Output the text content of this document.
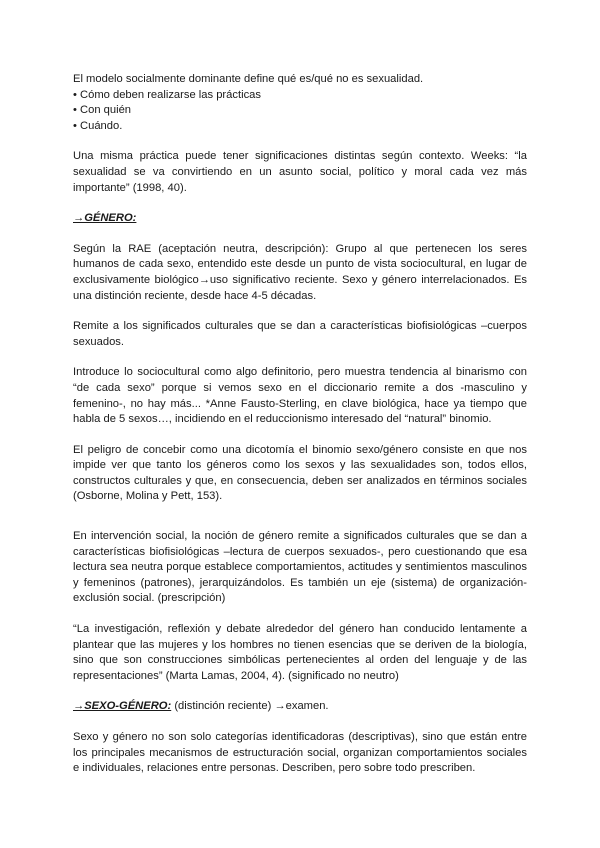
El modelo socialmente dominante define qué es/qué no es sexualidad.

• Cómo deben realizarse las prácticas

• Con quién

• Cuándo.

Una misma práctica puede tener significaciones distintas según contexto. Weeks: “la sexualidad se va convirtiendo en un asunto social, político y moral cada vez más importante” (1998, 40).

→GÉNERO:

Según la RAE (aceptación neutra, descripción): Grupo al que pertenecen los seres humanos de cada sexo, entendido este desde un punto de vista sociocultural, en lugar de exclusivamente biológico→uso significativo reciente. Sexo y género interrelacionados. Es una distinción reciente, desde hace 4-5 décadas.

Remite a los significados culturales que se dan a características biofisiológicas –cuerpos sexuados.

Introduce lo sociocultural como algo definitorio, pero muestra tendencia al binarismo con “de cada sexo” porque si vemos sexo en el diccionario remite a dos -masculino y femenino-, no hay más... *Anne Fausto-Sterling, en clave biológica, hace ya tiempo que habla de 5 sexos…, incidiendo en el reduccionismo interesado del “natural” binomio.

El peligro de concebir como una dicotomía el binomio sexo/género consiste en que nos impide ver que tanto los géneros como los sexos y las sexualidades son, todos ellos, constructos culturales y que, en consecuencia, deben ser analizados en términos sociales (Osborne, Molina y Pett, 153).

En intervención social, la noción de género remite a significados culturales que se dan a características biofisiológicas –lectura de cuerpos sexuados-, pero cuestionando que esa lectura sea neutra porque establece comportamientos, actitudes y sentimientos masculinos y femeninos (patrones), jerarquizándolos. Es también un eje (sistema) de organización-exclusión social. (prescripción)

“La investigación, reflexión y debate alrededor del género han conducido lentamente a plantear que las mujeres y los hombres no tienen esencias que se deriven de la biología, sino que son construcciones simbólicas pertenecientes al orden del lenguaje y de las representaciones” (Marta Lamas, 2004, 4). (significado no neutro)

→SEXO-GÉNERO: (distinción reciente) →examen.

Sexo y género no son solo categorías identificadoras (descriptivas), sino que están entre los principales mecanismos de estructuración social, organizan comportamientos sociales e individuales, relaciones entre personas. Describen, pero sobre todo prescriben.
